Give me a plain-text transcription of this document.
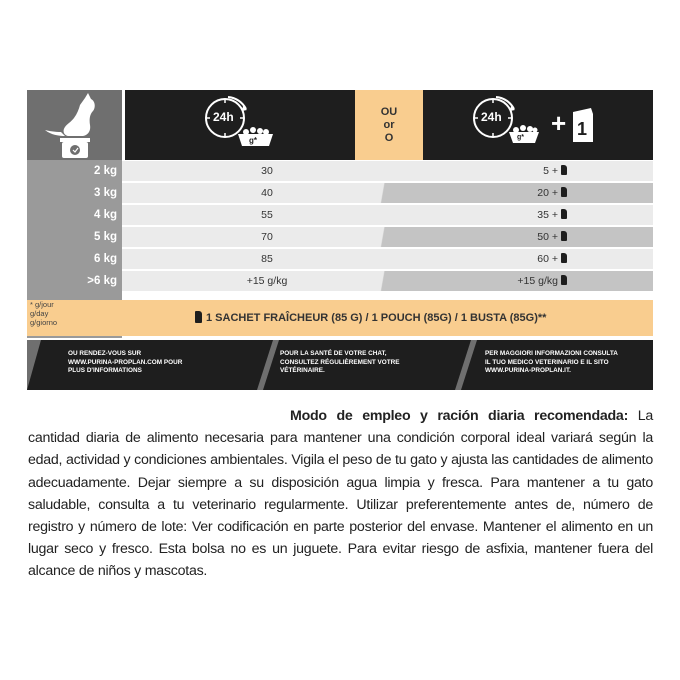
24h
g*
OU
or
O
24h
g* + 1
2 kg	30	5 +
3 kg	40	20 +
4 kg	55	35 +
5 kg	70	50 +
6 kg	85	60 +
>6 kg	+15 g/kg	+15 g/kg
* g/jour
g/day
g/giorno	1 SACHET FRAÎCHEUR (85 G) / 1 POUCH (85G) / 1 BUSTA (85G)**
OU RENDEZ-VOUS SUR
WWW.PURINA-PROPLAN.COM POUR
PLUS D'INFORMATIONS
POUR LA SANTÉ DE VOTRE CHAT,
CONSULTEZ RÉGULIÈREMENT VOTRE
VÉTÉRINAIRE.
PER MAGGIORI INFORMAZIONI CONSULTA
IL TUO MEDICO VETERINARIO E IL SITO
WWW.PURINA-PROPLAN.IT.
Modo de empleo y ración diaria recomendada: La cantidad diaria de alimento necesaria para mantener una condición corporal ideal variará según la edad, actividad y condiciones ambientales. Vigila el peso de tu gato y ajusta las cantidades de alimento adecuadamente. Dejar siempre a su disposición agua limpia y fresca. Para mantener a tu gato saludable, consulta a tu veterinario regularmente. Utilizar preferentemente antes de, número de registro y número de lote: Ver codificación en parte posterior del envase. Mantener el alimento en un lugar seco y fresco. Esta bolsa no es un juguete. Para evitar riesgo de asfixia, mantener fuera del alcance de niños y mascotas.
